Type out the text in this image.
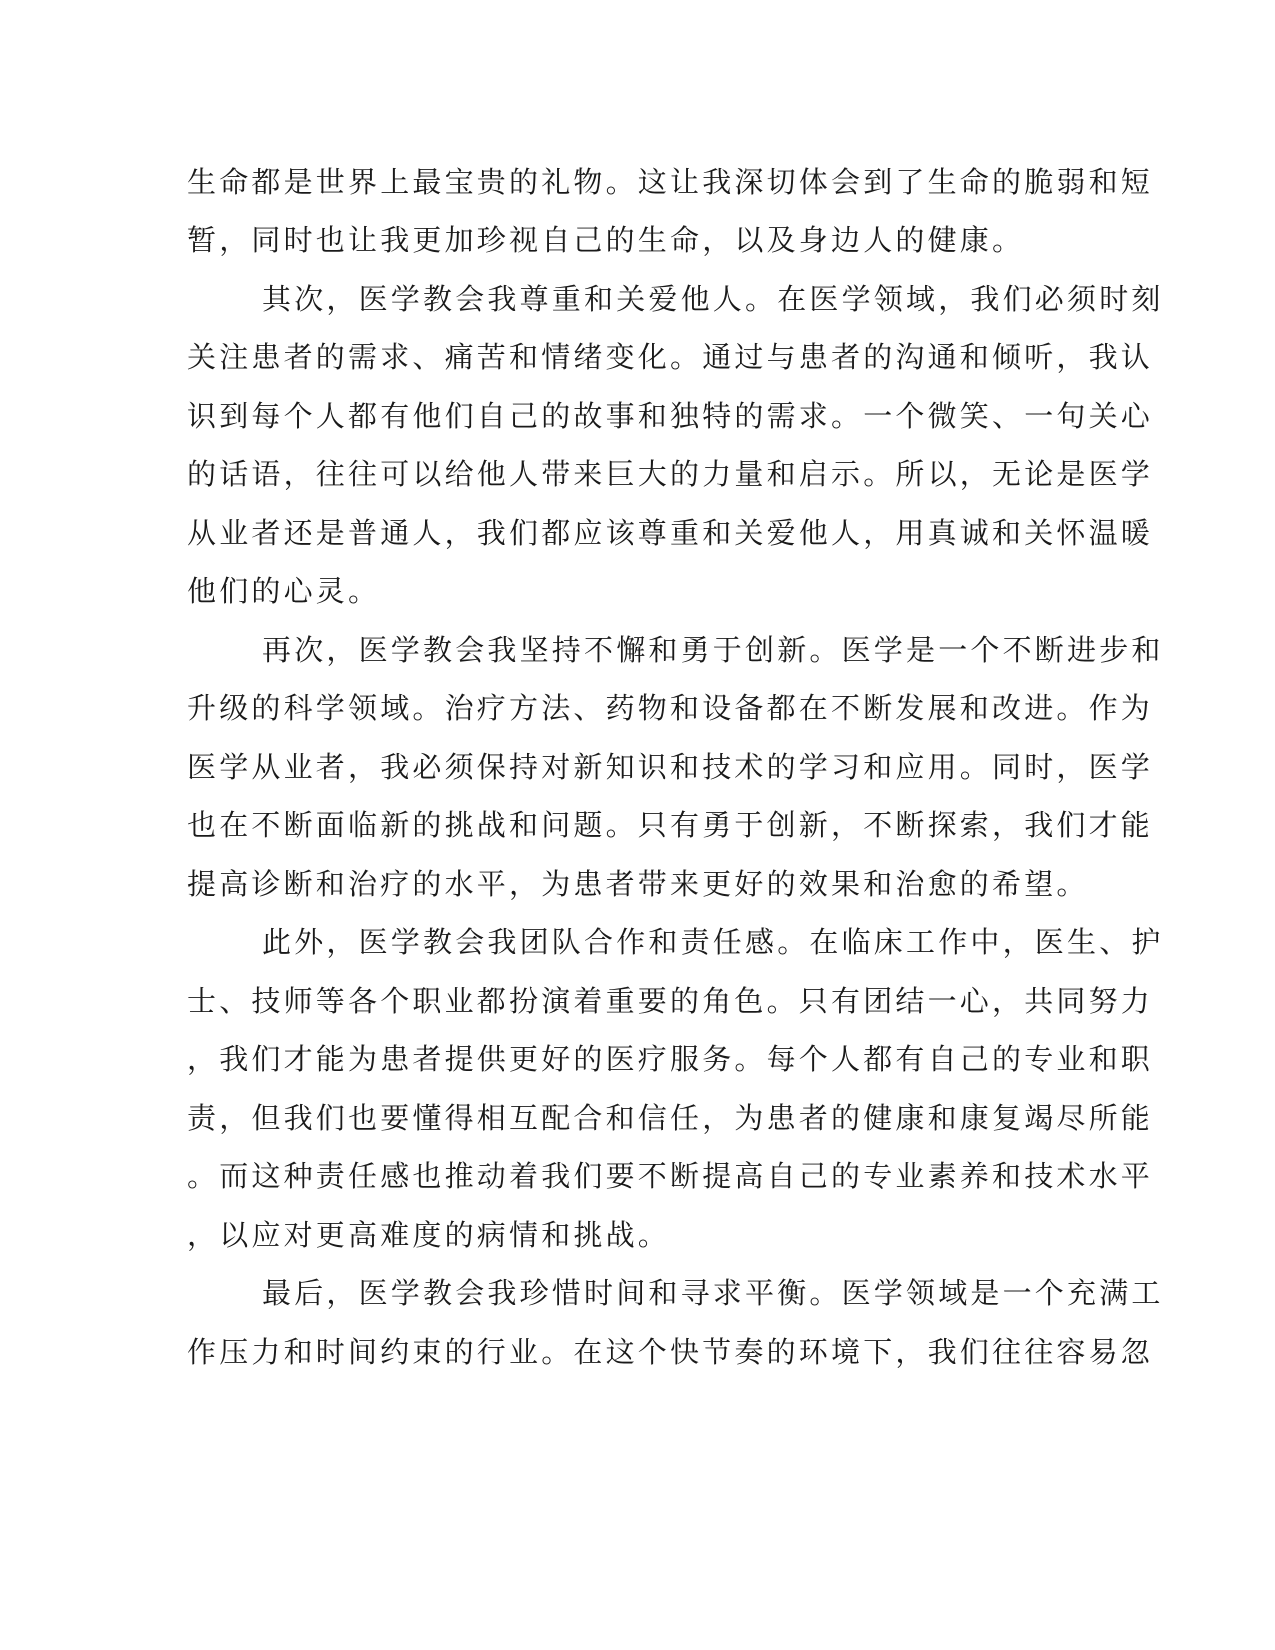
生命都是世界上最宝贵的礼物。这让我深切体会到了生命的脆弱和短
暂，同时也让我更加珍视自己的生命，以及身边人的健康。
其次，医学教会我尊重和关爱他人。在医学领域，我们必须时刻
关注患者的需求、痛苦和情绪变化。通过与患者的沟通和倾听，我认
识到每个人都有他们自己的故事和独特的需求。一个微笑、一句关心
的话语，往往可以给他人带来巨大的力量和启示。所以，无论是医学
从业者还是普通人，我们都应该尊重和关爱他人，用真诚和关怀温暖
他们的心灵。
再次，医学教会我坚持不懈和勇于创新。医学是一个不断进步和
升级的科学领域。治疗方法、药物和设备都在不断发展和改进。作为
医学从业者，我必须保持对新知识和技术的学习和应用。同时，医学
也在不断面临新的挑战和问题。只有勇于创新，不断探索，我们才能
提高诊断和治疗的水平，为患者带来更好的效果和治愈的希望。
此外，医学教会我团队合作和责任感。在临床工作中，医生、护
士、技师等各个职业都扮演着重要的角色。只有团结一心，共同努力
，我们才能为患者提供更好的医疗服务。每个人都有自己的专业和职
责，但我们也要懂得相互配合和信任，为患者的健康和康复竭尽所能
。而这种责任感也推动着我们要不断提高自己的专业素养和技术水平
，以应对更高难度的病情和挑战。
最后，医学教会我珍惜时间和寻求平衡。医学领域是一个充满工
作压力和时间约束的行业。在这个快节奏的环境下，我们往往容易忽
